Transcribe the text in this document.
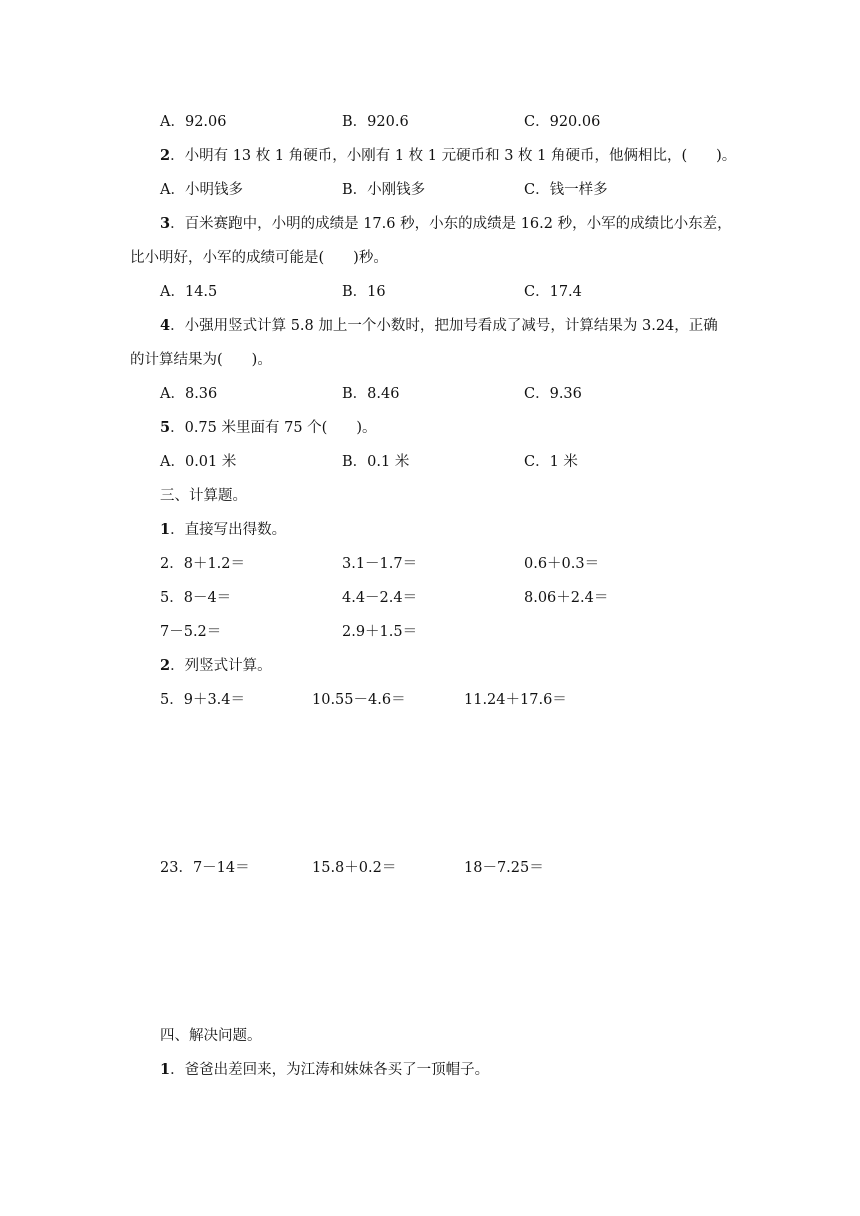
A．92.06	B．920.6	C．920.06
2．小明有 13 枚 1 角硬币，小刚有 1 枚 1 元硬币和 3 枚 1 角硬币，他俩相比，(　　)。
A．小明钱多	B．小刚钱多	C．钱一样多
3．百米赛跑中，小明的成绩是 17.6 秒，小东的成绩是 16.2 秒，小军的成绩比小东差，
比小明好，小军的成绩可能是(　　)秒。
A．14.5	B．16	C．17.4
4．小强用竖式计算 5.8 加上一个小数时，把加号看成了减号，计算结果为 3.24，正确
的计算结果为(　　)。
A．8.36	B．8.46	C．9.36
5．0.75 米里面有 75 个(　　)。
A．0.01 米	B．0.1 米	C．1 米
三、计算题。
1．直接写出得数。
2．8＋1.2＝	3.1－1.7＝	0.6＋0.3＝
5．8－4＝	4.4－2.4＝	8.06＋2.4＝
7－5.2＝	2.9＋1.5＝
2．列竖式计算。
5．9＋3.4＝	10.55－4.6＝	11.24＋17.6＝
23．7－14＝	15.8＋0.2＝	18－7.25＝
四、解决问题。
1．爸爸出差回来，为江涛和妹妹各买了一顶帽子。
